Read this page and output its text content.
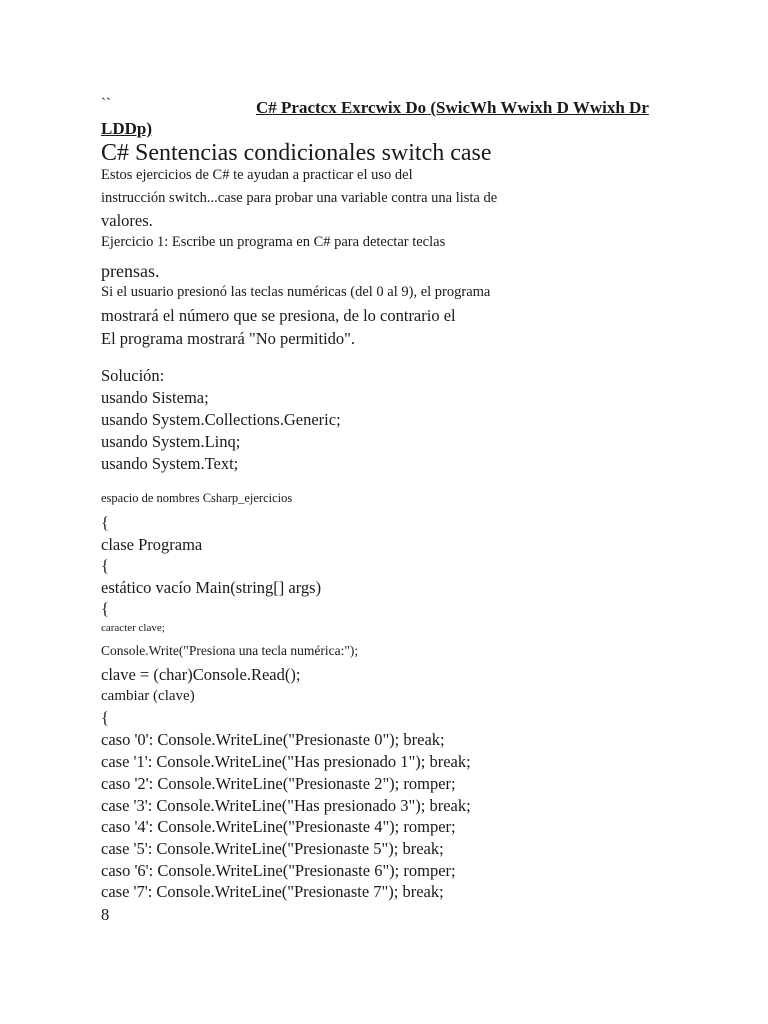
``	C# Practcx Exrcwix Do (SwicWh Wwixh D Wwixh Dr
LDDp)

C# Sentencias condicionales switch case

Estos ejercicios de C# te ayudan a practicar el uso del

instrucción switch...case para probar una variable contra una lista de

valores.

Ejercicio 1: Escribe un programa en C# para detectar teclas

prensas.

Si el usuario presionó las teclas numéricas (del 0 al 9), el programa

mostrará el número que se presiona, de lo contrario el

El programa mostrará "No permitido".

Solución:

usando Sistema;

usando System.Collections.Generic;

usando System.Linq;

usando System.Text;

espacio de nombres Csharp_ejercicios

{

clase Programa

{

estático vacío Main(string[] args)

{

caracter clave;

Console.Write("Presiona una tecla numérica:");

clave = (char)Console.Read();

cambiar (clave)

{

caso '0': Console.WriteLine("Presionaste 0"); break;

case '1': Console.WriteLine("Has presionado 1"); break;

caso '2': Console.WriteLine("Presionaste 2"); romper;

case '3': Console.WriteLine("Has presionado 3"); break;

caso '4': Console.WriteLine("Presionaste 4"); romper;

case '5': Console.WriteLine("Presionaste 5"); break;

caso '6': Console.WriteLine("Presionaste 6"); romper;

case '7': Console.WriteLine("Presionaste 7"); break;

8
